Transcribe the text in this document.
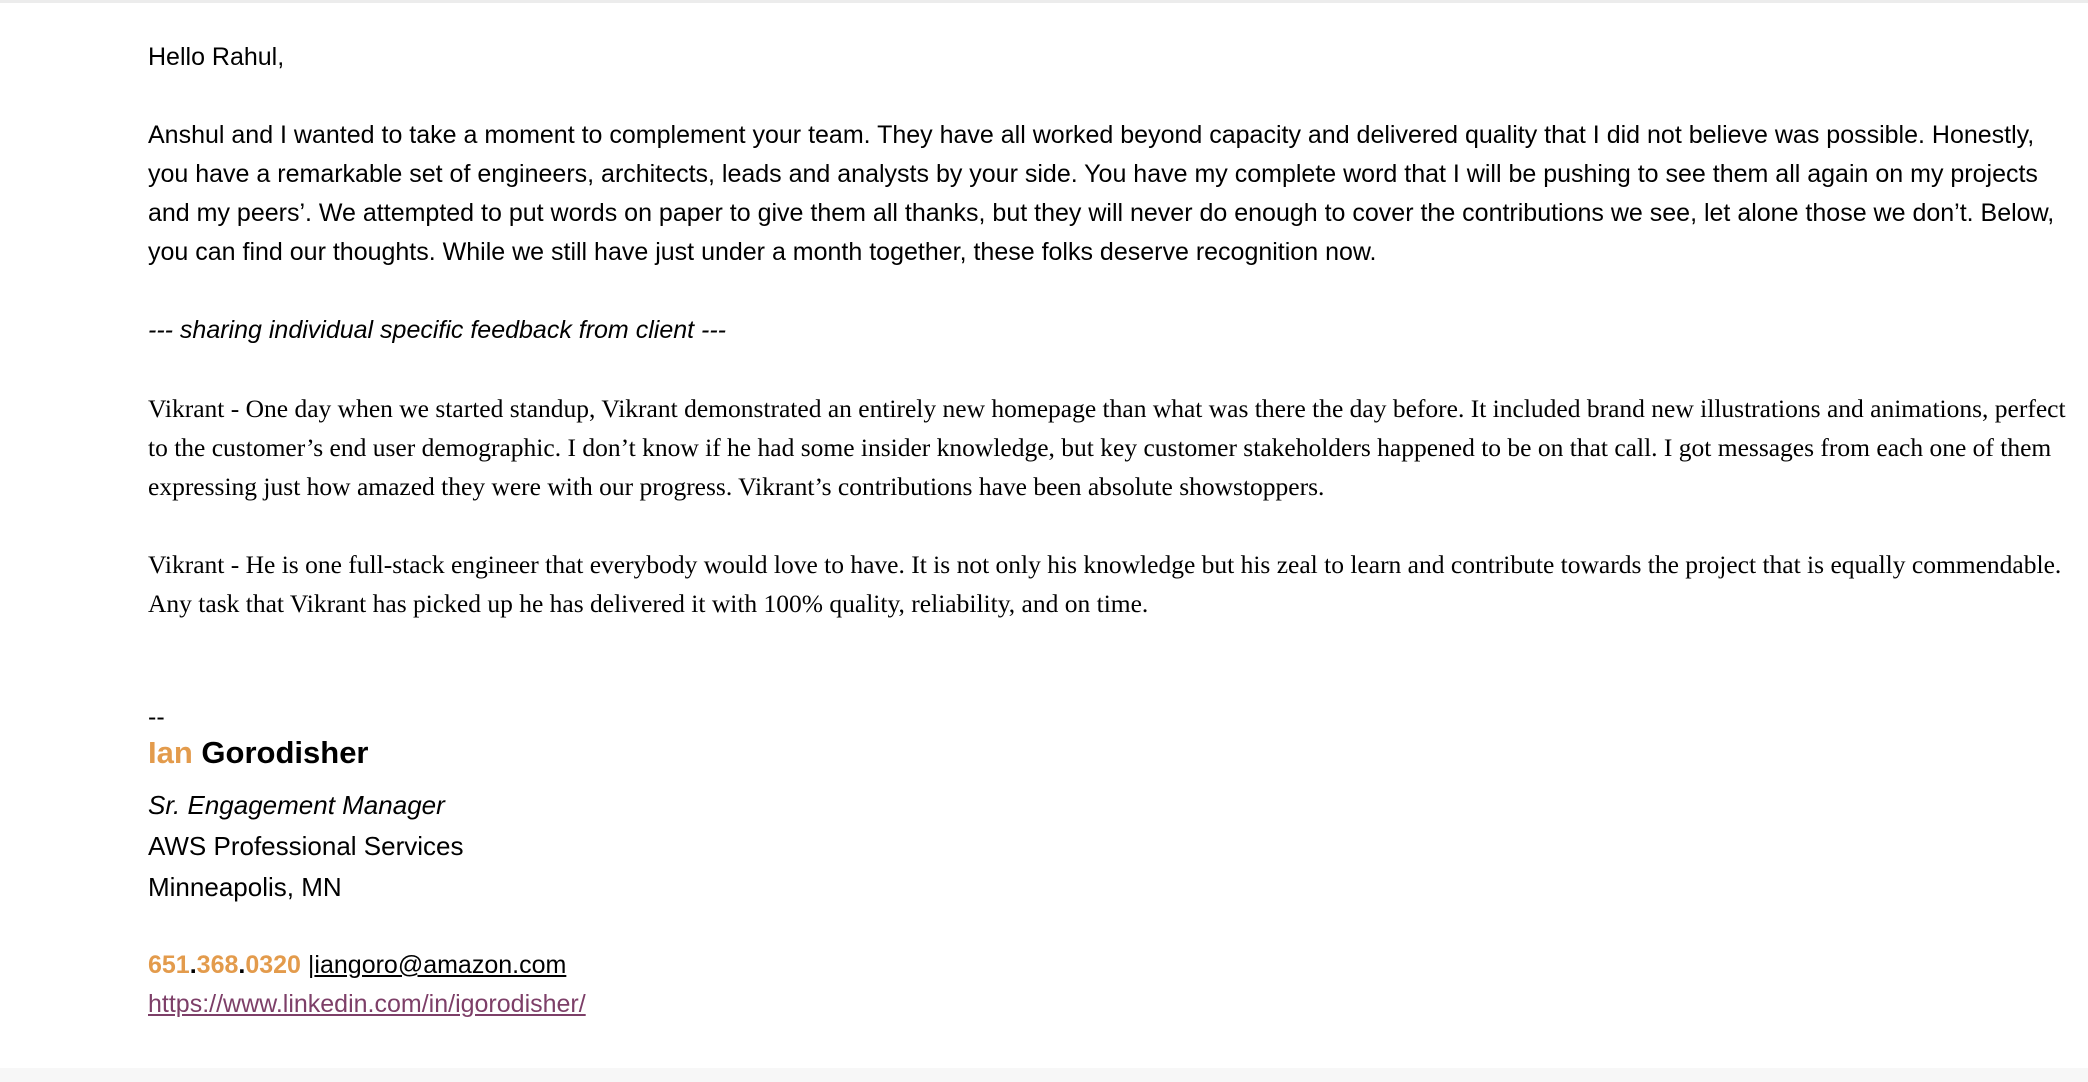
Hello Rahul,

Anshul and I wanted to take a moment to complement your team. They have all worked beyond capacity and delivered quality that I did not believe was possible. Honestly, you have a remarkable set of engineers, architects, leads and analysts by your side. You have my complete word that I will be pushing to see them all again on my projects and my peers’. We attempted to put words on paper to give them all thanks, but they will never do enough to cover the contributions we see, let alone those we don’t. Below, you can find our thoughts. While we still have just under a month together, these folks deserve recognition now.

--- sharing individual specific feedback from client ---

Vikrant - One day when we started standup, Vikrant demonstrated an entirely new homepage than what was there the day before. It included brand new illustrations and animations, perfect to the customer’s end user demographic. I don’t know if he had some insider knowledge, but key customer stakeholders happened to be on that call. I got messages from each one of them expressing just how amazed they were with our progress. Vikrant’s contributions have been absolute showstoppers.

Vikrant - He is one full-stack engineer that everybody would love to have. It is not only his knowledge but his zeal to learn and contribute towards the project that is equally commendable. Any task that Vikrant has picked up he has delivered it with 100% quality, reliability, and on time.

--

Ian Gorodisher

Sr. Engagement Manager

AWS Professional Services

Minneapolis, MN

651.368.0320 |iangoro@amazon.com

https://www.linkedin.com/in/igorodisher/
